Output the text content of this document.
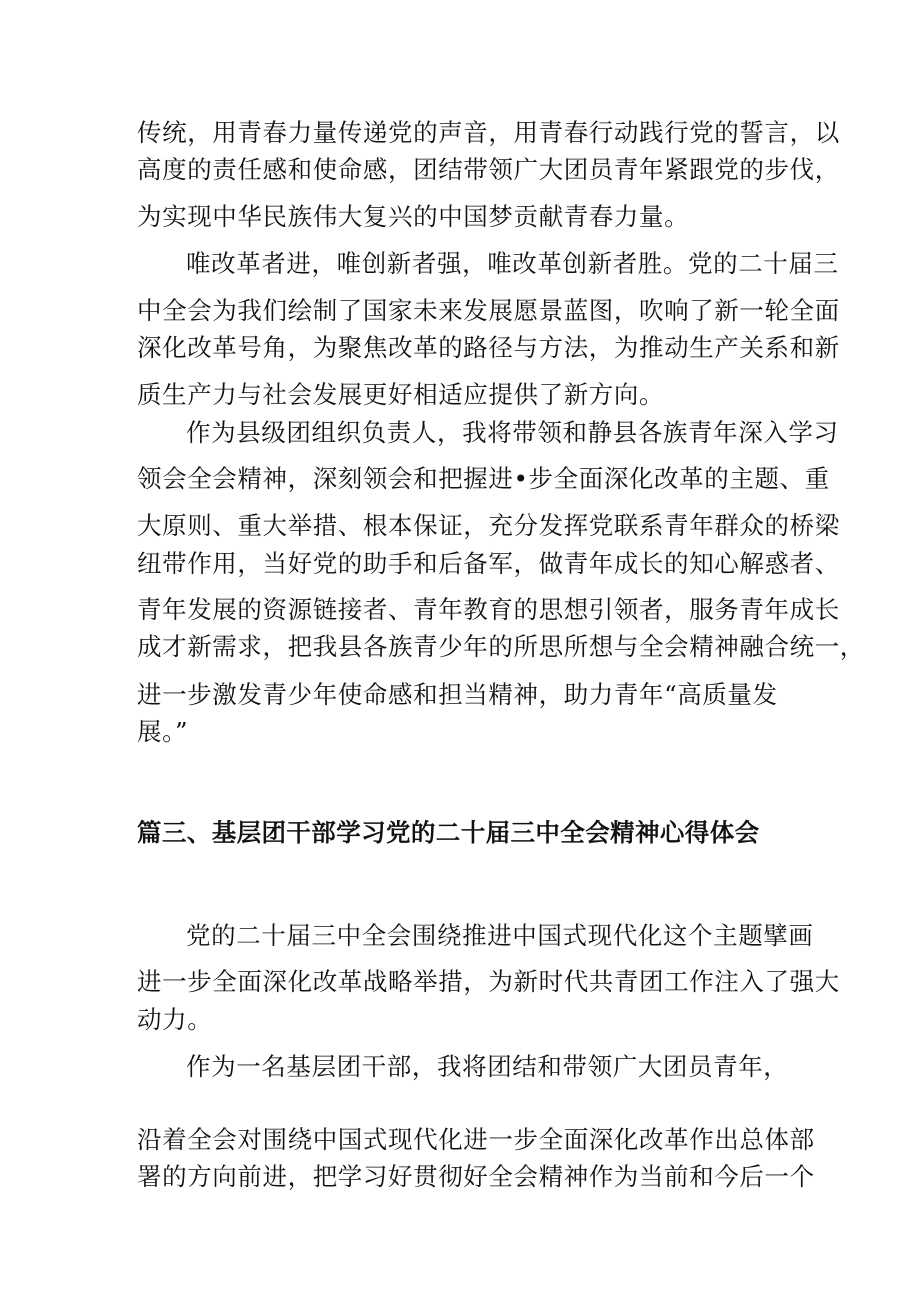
传统，用青春力量传递党的声音，用青春行动践行党的誓言，以
高度的责任感和使命感，团结带领广大团员青年紧跟党的步伐，
为实现中华民族伟大复兴的中国梦贡献青春力量。
唯改革者进，唯创新者强，唯改革创新者胜。党的二十届三
中全会为我们绘制了国家未来发展愿景蓝图，吹响了新一轮全面
深化改革号角，为聚焦改革的路径与方法，为推动生产关系和新
质生产力与社会发展更好相适应提供了新方向。
作为县级团组织负责人，我将带领和静县各族青年深入学习
领会全会精神，深刻领会和把握进•步全面深化改革的主题、重
大原则、重大举措、根本保证，充分发挥党联系青年群众的桥梁
纽带作用，当好党的助手和后备军，做青年成长的知心解惑者、
青年发展的资源链接者、青年教育的思想引领者，服务青年成长
成才新需求，把我县各族青少年的所思所想与全会精神融合统一，
进一步激发青少年使命感和担当精神，助力青年“高质量发
展。”
篇三、基层团干部学习党的二十届三中全会精神心得体会
党的二十届三中全会围绕推进中国式现代化这个主题擘画
进一步全面深化改革战略举措，为新时代共青团工作注入了强大
动力。
作为一名基层团干部，我将团结和带领广大团员青年，
沿着全会对围绕中国式现代化进一步全面深化改革作出总体部
署的方向前进，把学习好贯彻好全会精神作为当前和今后一个
